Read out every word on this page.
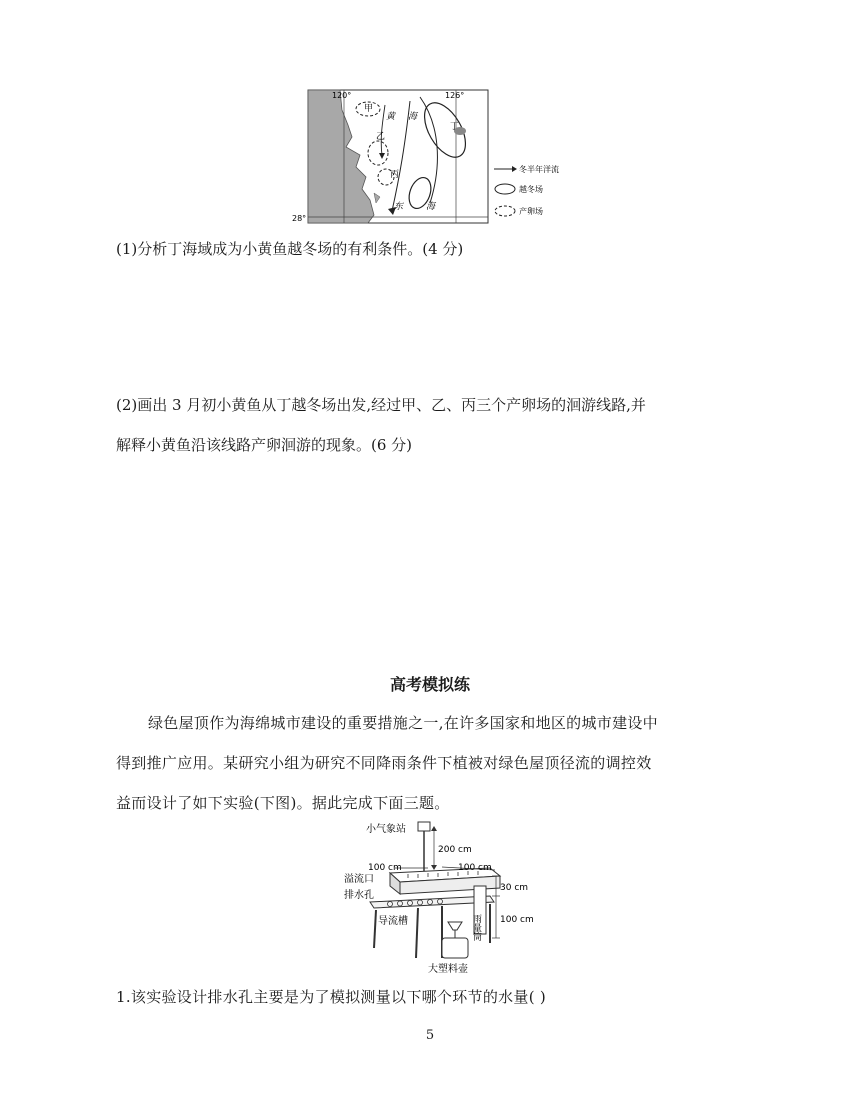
120°	126°
28°
甲
黄 海
丁
乙
丙
东	海
冬半年洋流
越冬场
产卵场
(1)分析丁海域成为小黄鱼越冬场的有利条件。(4 分)
(2)画出 3 月初小黄鱼从丁越冬场出发,经过甲、乙、丙三个产卵场的洄游线路,并
解释小黄鱼沿该线路产卵洄游的现象。(6 分)
高考模拟练
绿色屋顶作为海绵城市建设的重要措施之一,在许多国家和地区的城市建设中
得到推广应用。某研究小组为研究不同降雨条件下植被对绿色屋顶径流的调控效
益而设计了如下实验(下图)。据此完成下面三题。
小气象站
200 cm
100 cm	100 cm
溢流口
排水孔
导流槽
30 cm
100 cm
雨量筒
大塑料壶
1.该实验设计排水孔主要是为了模拟测量以下哪个环节的水量( )
5
